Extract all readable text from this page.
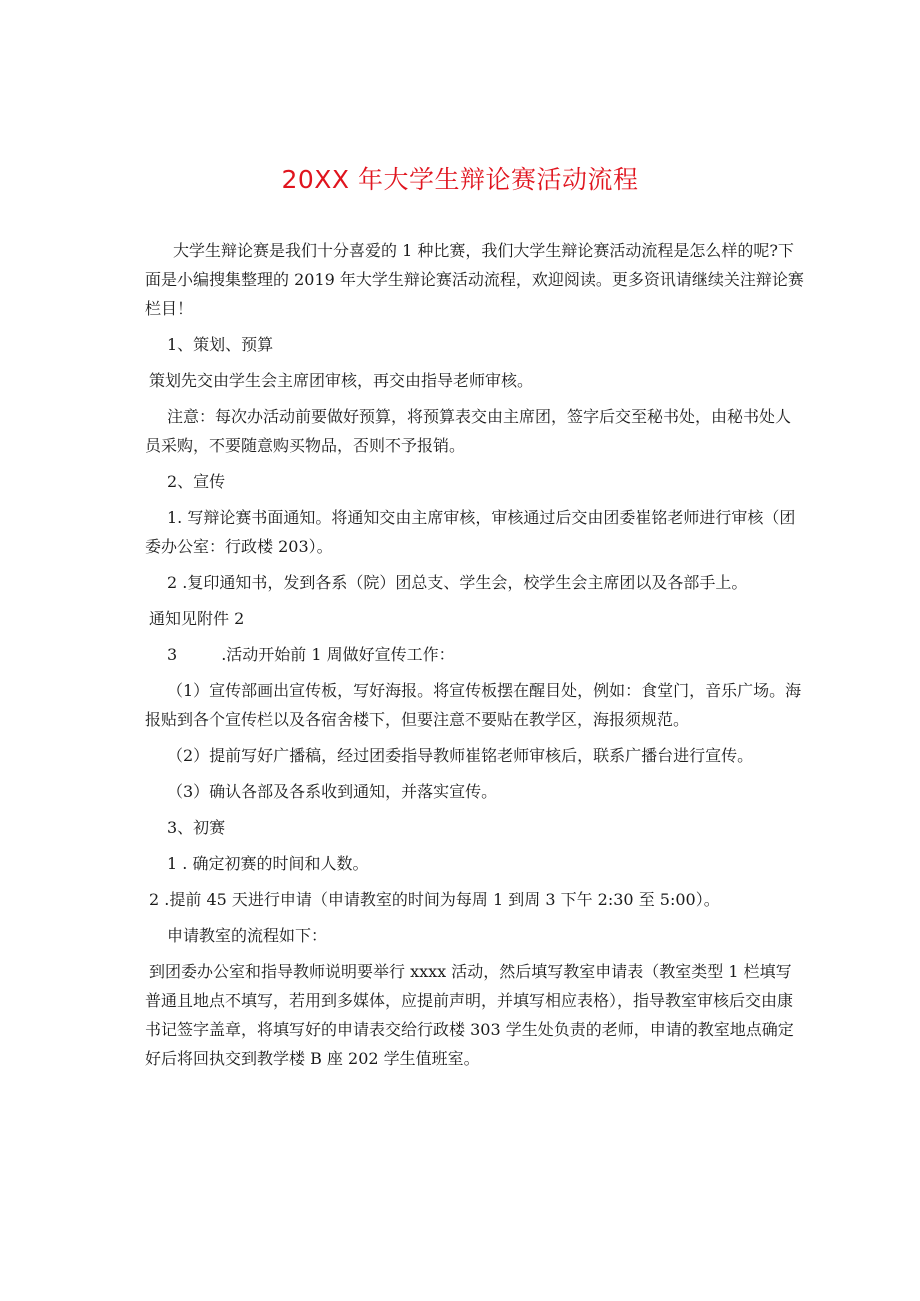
20XX 年大学生辩论赛活动流程

大学生辩论赛是我们十分喜爱的 1 种比赛，我们大学生辩论赛活动流程是怎么样的呢?下面是小编搜集整理的 2019 年大学生辩论赛活动流程，欢迎阅读。更多资讯请继续关注辩论赛栏目！

1、策划、预算

策划先交由学生会主席团审核，再交由指导老师审核。

注意：每次办活动前要做好预算，将预算表交由主席团，签字后交至秘书处，由秘书处人员采购，不要随意购买物品，否则不予报销。

2、宣传

1. 写辩论赛书面通知。将通知交由主席审核，审核通过后交由团委崔铭老师进行审核（团委办公室：行政楼 203）。

2 .复印通知书，发到各系（院）团总支、学生会，校学生会主席团以及各部手上。

通知见附件 2

3	.活动开始前 1 周做好宣传工作：

（1）宣传部画出宣传板，写好海报。将宣传板摆在醒目处，例如：食堂门，音乐广场。海报贴到各个宣传栏以及各宿舍楼下，但要注意不要贴在教学区，海报须规范。

（2）提前写好广播稿，经过团委指导教师崔铭老师审核后，联系广播台进行宣传。

（3）确认各部及各系收到通知，并落实宣传。

3、初赛

1 . 确定初赛的时间和人数。

2 .提前 45 天进行申请（申请教室的时间为每周 1 到周 3 下午 2:30 至 5:00）。

申请教室的流程如下：

到团委办公室和指导教师说明要举行 xxxx 活动，然后填写教室申请表（教室类型 1 栏填写普通且地点不填写，若用到多媒体，应提前声明，并填写相应表格），指导教室审核后交由康书记签字盖章，将填写好的申请表交给行政楼 303 学生处负责的老师，申请的教室地点确定好后将回执交到教学楼 B 座 202 学生值班室。
